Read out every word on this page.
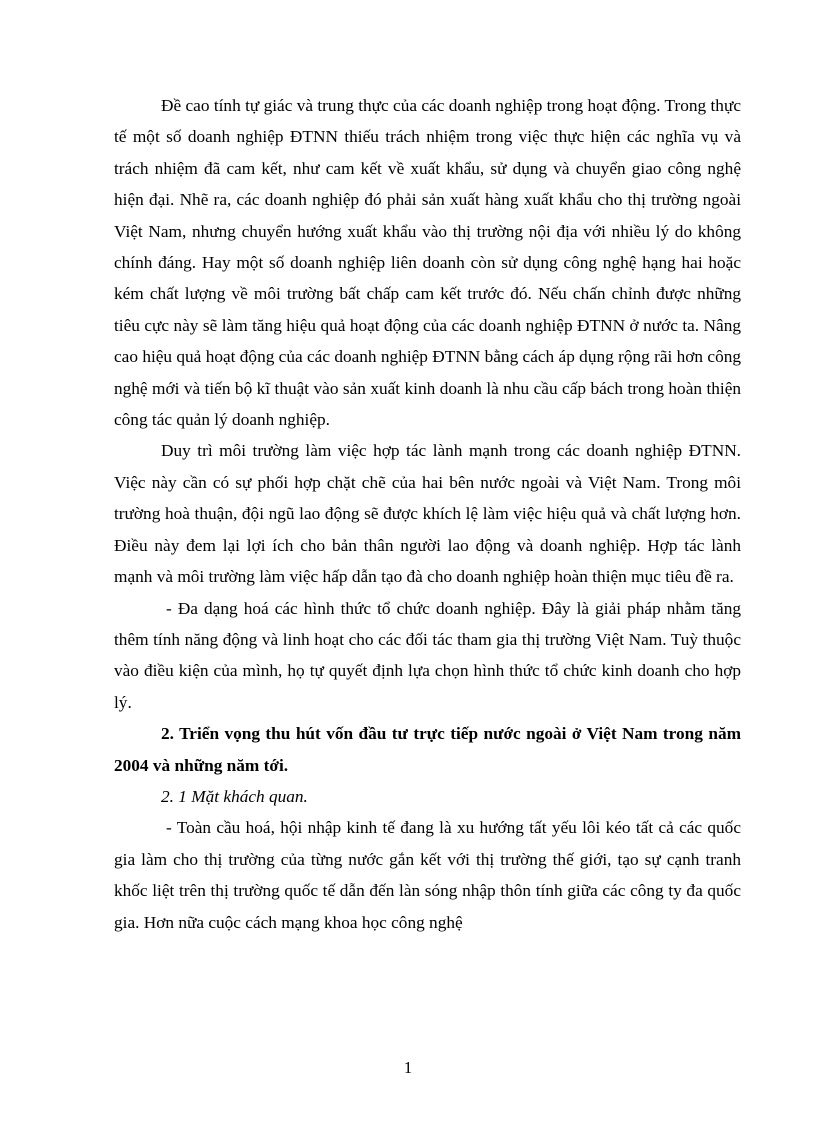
Đề cao tính tự giác và trung thực của các doanh nghiệp trong hoạt động. Trong thực tế một số doanh nghiệp ĐTNN thiếu trách nhiệm trong việc thực hiện các nghĩa vụ và trách nhiệm đã cam kết, như cam kết về xuất khẩu, sử dụng và chuyển giao công nghệ hiện đại. Nhẽ ra, các doanh nghiệp đó phải sản xuất hàng xuất khẩu cho thị trường ngoài Việt Nam, nhưng chuyển hướng xuất khẩu vào thị trường nội địa với nhiều lý do không chính đáng. Hay một số doanh nghiệp liên doanh còn sử dụng công nghệ hạng hai hoặc kém chất lượng về môi trường bất chấp cam kết trước đó. Nếu chấn chỉnh được những tiêu cực này sẽ làm tăng hiệu quả hoạt động của các doanh nghiệp ĐTNN ở nước ta. Nâng cao hiệu quả hoạt động của các doanh nghiệp ĐTNN bằng cách áp dụng rộng rãi hơn công nghệ mới và tiến bộ kĩ thuật vào sản xuất kinh doanh là nhu cầu cấp bách trong hoàn thiện công tác quản lý doanh nghiệp.

Duy trì môi trường làm việc hợp tác lành mạnh trong các doanh nghiệp ĐTNN. Việc này cần có sự phối hợp chặt chẽ của hai bên nước ngoài và Việt Nam. Trong môi trường hoà thuận, đội ngũ lao động sẽ được khích lệ làm việc hiệu quả và chất lượng hơn. Điều này đem lại lợi ích cho bản thân người lao động và doanh nghiệp. Hợp tác lành mạnh và môi trường làm việc hấp dẫn tạo đà cho doanh nghiệp hoàn thiện mục tiêu đề ra.

- Đa dạng hoá các hình thức tổ chức doanh nghiệp. Đây là giải pháp nhằm tăng thêm tính năng động và linh hoạt cho các đối tác tham gia thị trường Việt Nam. Tuỳ thuộc vào điều kiện của mình, họ tự quyết định lựa chọn hình thức tổ chức kinh doanh cho hợp lý.

2. Triển vọng thu hút vốn đầu tư trực tiếp nước ngoài ở Việt Nam trong năm 2004 và những năm tới.

2. 1 Mặt khách quan.

- Toàn cầu hoá, hội nhập kinh tế đang là xu hướng tất yếu lôi kéo tất cả các quốc gia làm cho thị trường của từng nước gắn kết với thị trường thế giới, tạo sự cạnh tranh khốc liệt trên thị trường quốc tế dẫn đến làn sóng nhập thôn tính giữa các công ty đa quốc gia. Hơn nữa cuộc cách mạng khoa học công nghệ

1
